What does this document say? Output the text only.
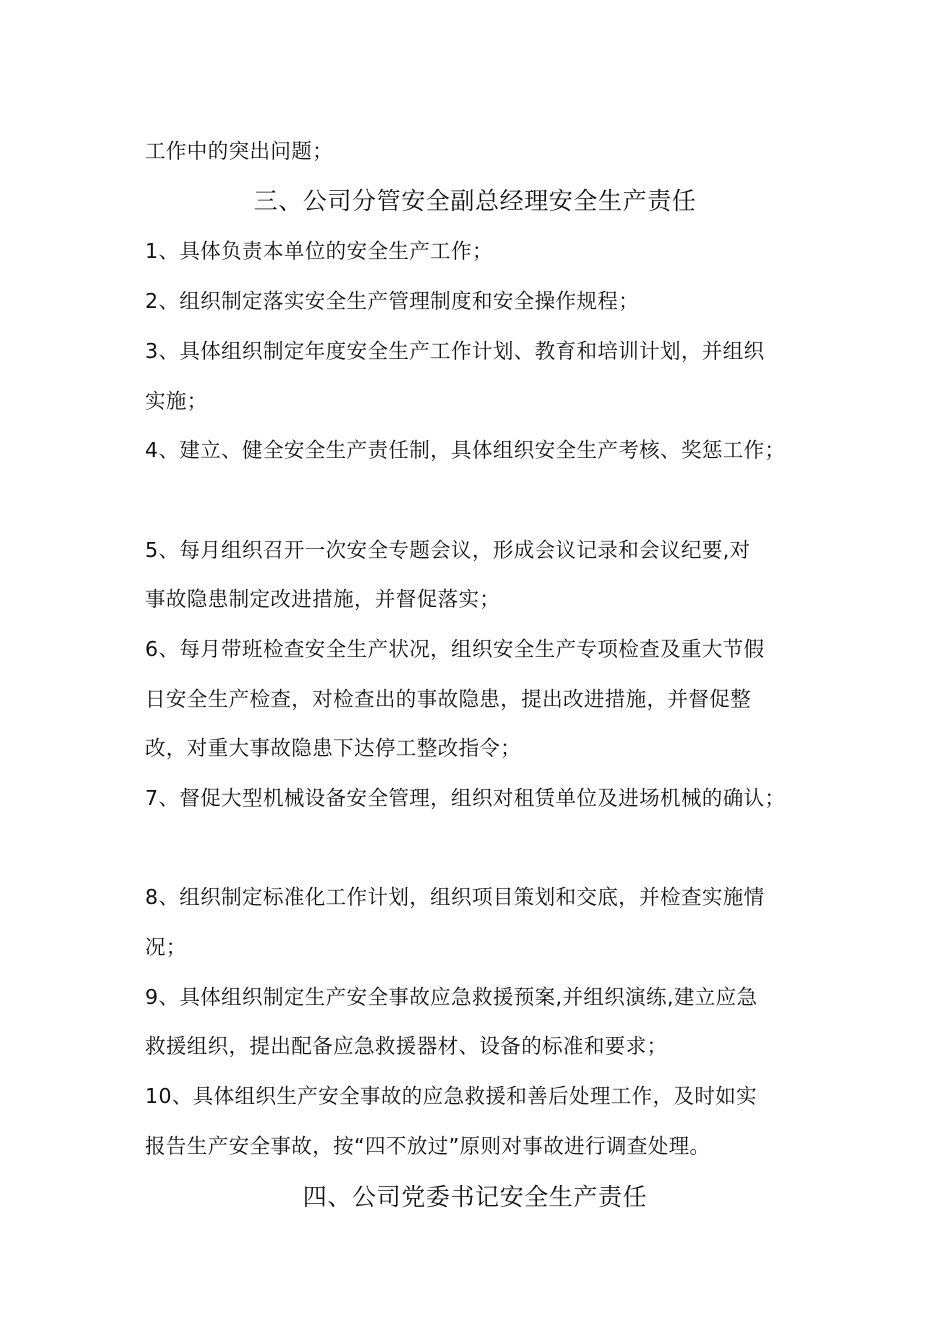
工作中的突出问题；
三、公司分管安全副总经理安全生产责任
1、具体负责本单位的安全生产工作；
2、组织制定落实安全生产管理制度和安全操作规程；
3、具体组织制定年度安全生产工作计划、教育和培训计划，并组织
实施；
4、建立、健全安全生产责任制，具体组织安全生产考核、奖惩工作；
5、每月组织召开一次安全专题会议，形成会议记录和会议纪要,对
事故隐患制定改进措施，并督促落实；
6、每月带班检查安全生产状况，组织安全生产专项检查及重大节假
日安全生产检查，对检查出的事故隐患，提出改进措施，并督促整
改，对重大事故隐患下达停工整改指令；
7、督促大型机械设备安全管理，组织对租赁单位及进场机械的确认；
8、组织制定标准化工作计划，组织项目策划和交底，并检查实施情
况；
9、具体组织制定生产安全事故应急救援预案,并组织演练,建立应急
救援组织，提出配备应急救援器材、设备的标准和要求；
10、具体组织生产安全事故的应急救援和善后处理工作，及时如实
报告生产安全事故，按“四不放过”原则对事故进行调查处理。
四、公司党委书记安全生产责任
